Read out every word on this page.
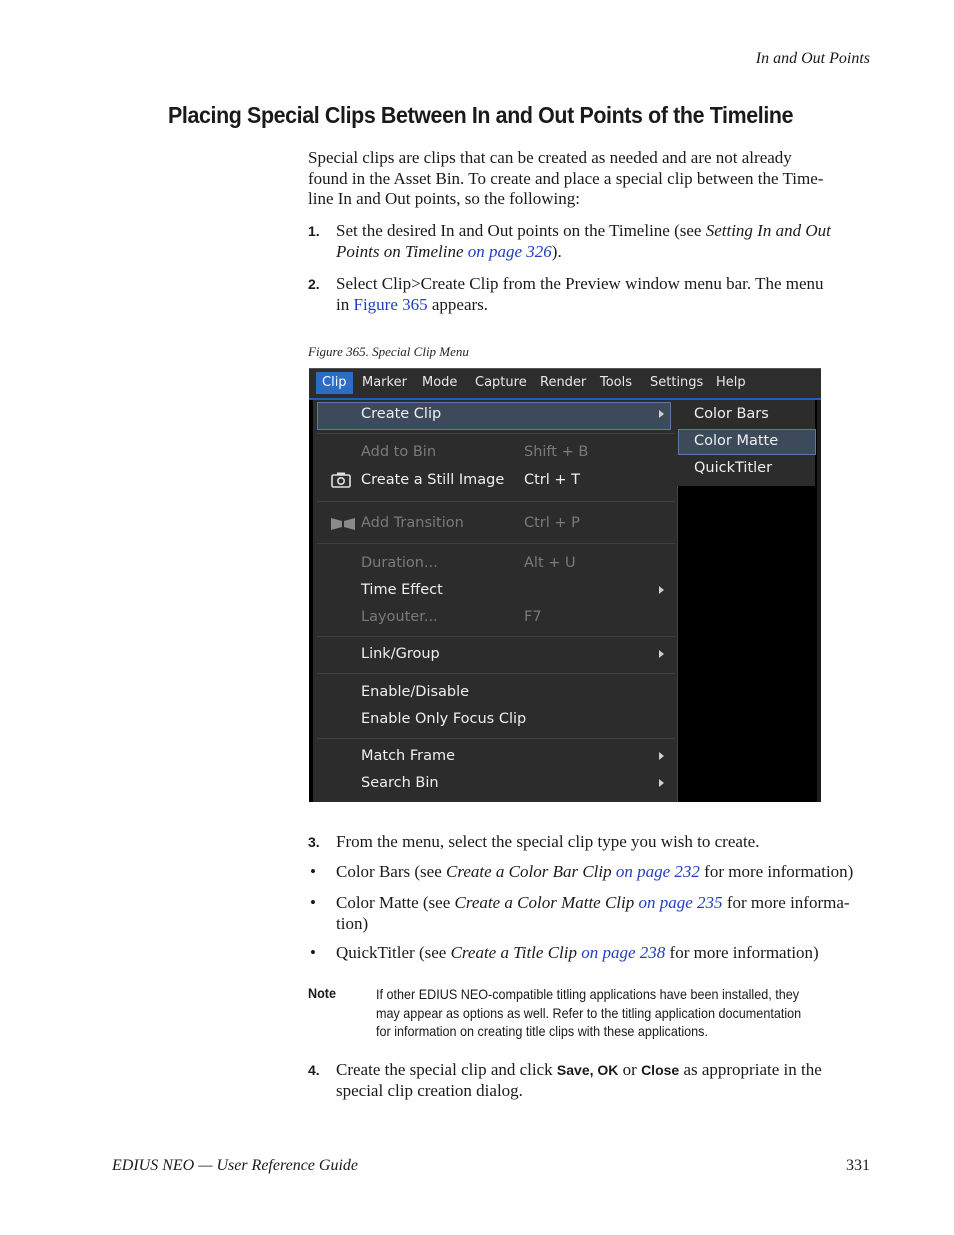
In and Out Points
Placing Special Clips Between In and Out Points of the Timeline
Special clips are clips that can be created as needed and are not already
found in the Asset Bin. To create and place a special clip between the Time-
line In and Out points, so the following:
1. Set the desired In and Out points on the Timeline (see Setting In and Out
Points on Timeline on page 326).
2. Select Clip>Create Clip from the Preview window menu bar. The menu
in Figure 365 appears.
Figure 365. Special Clip Menu
Clip	Marker Mode Capture Render Tools Settings Help
Create Clip
Add to Bin	Shift + B
Create a Still Image Ctrl + T
Add Transition	Ctrl + P
Duration...	Alt + U
Time Effect
Layouter...	F7
Link/Group
Enable/Disable
Enable Only Focus Clip
Match Frame
Search Bin
Color Bars
Color Matte
QuickTitler
3. From the menu, select the special clip type you wish to create.
• Color Bars (see Create a Color Bar Clip on page 232 for more information)
• Color Matte (see Create a Color Matte Clip on page 235 for more informa-
tion)
• QuickTitler (see Create a Title Clip on page 238 for more information)
Note	If other EDIUS NEO-compatible titling applications have been installed, they
may appear as options as well. Refer to the titling application documentation
for information on creating title clips with these applications.
4. Create the special clip and click Save, OK or Close as appropriate in the
special clip creation dialog.
EDIUS NEO — User Reference Guide	331
